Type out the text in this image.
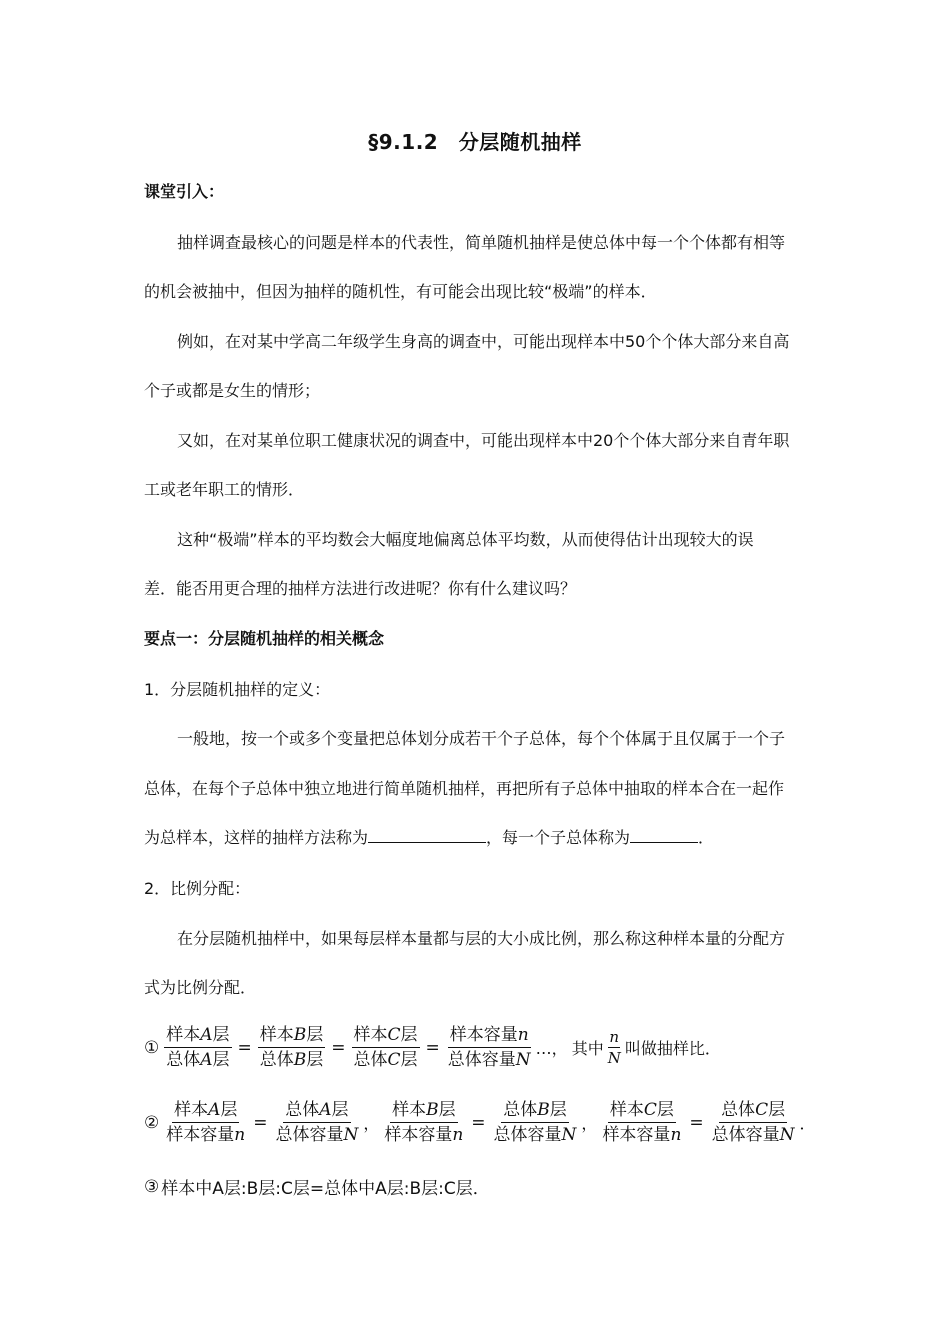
§9.1.2　分层随机抽样
课堂引入：
抽样调查最核心的问题是样本的代表性，简单随机抽样是使总体中每一个个体都有相等
的机会被抽中，但因为抽样的随机性，有可能会出现比较“极端”的样本．
例如，在对某中学高二年级学生身高的调查中，可能出现样本中50个个体大部分来自高
个子或都是女生的情形；
又如，在对某单位职工健康状况的调查中，可能出现样本中20个个体大部分来自青年职
工或老年职工的情形．
这种“极端”样本的平均数会大幅度地偏离总体平均数，从而使得估计出现较大的误
差．能否用更合理的抽样方法进行改进呢？你有什么建议吗？
要点一：分层随机抽样的相关概念
1．分层随机抽样的定义：
一般地，按一个或多个变量把总体划分成若干个子总体，每个个体属于且仅属于一个子
总体，在每个子总体中独立地进行简单随机抽样，再把所有子总体中抽取的样本合在一起作
为总样本，这样的抽样方法称为	，每一个子总体称为	．
2．比例分配：
在分层随机抽样中，如果每层样本量都与层的大小成比例，那么称这种样本量的分配方
式为比例分配．
① $\frac{\text{样本A层}}{\text{总体A层}} = \frac{\text{样本B层}}{\text{总体B层}} = \frac{\text{样本C层}}{\text{总体C层}} = \frac{\text{样本容量n}}{\text{总体容量N}}$ …， 其中 $\frac{n}{N}$ 叫做抽样比．
② $\frac{\text{样本A层}}{\text{样本容量n}} = \frac{\text{总体A层}}{\text{总体容量N}}$ ， $\frac{\text{样本B层}}{\text{样本容量n}} = \frac{\text{总体B层}}{\text{总体容量N}}$ ， $\frac{\text{样本C层}}{\text{样本容量n}} = \frac{\text{总体C层}}{\text{总体容量N}}$ ．
③ 样本中A层:B层:C层=总体中A层:B层:C层．
